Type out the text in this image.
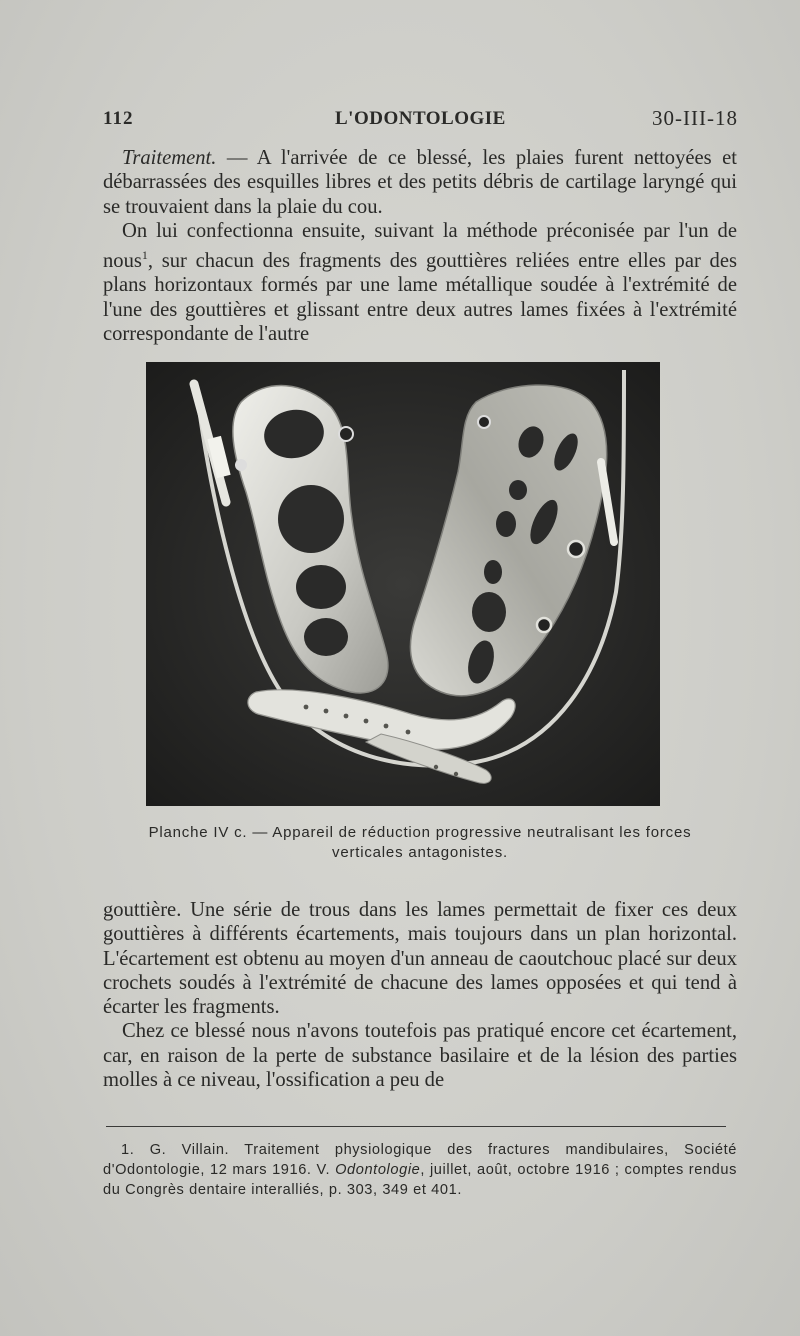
112	L'ODONTOLOGIE	30-III-18

Traitement. — A l'arrivée de ce blessé, les plaies furent nettoyées et débarrassées des esquilles libres et des petits débris de cartilage laryngé qui se trouvaient dans la plaie du cou.

On lui confectionna ensuite, suivant la méthode préconisée par l'un de nous$^1$, sur chacun des fragments des gouttières reliées entre elles par des plans horizontaux formés par une lame métallique soudée à l'extrémité de l'une des gouttières et glissant entre deux autres lames fixées à l'extrémité correspondante de l'autre

Planche IV c. — Appareil de réduction progressive neutralisant les forces
verticales antagonistes.

gouttière. Une série de trous dans les lames permettait de fixer ces deux gouttières à différents écartements, mais toujours dans un plan horizontal. L'écartement est obtenu au moyen d'un anneau de caoutchouc placé sur deux crochets soudés à l'extrémité de chacune des lames opposées et qui tend à écarter les fragments.

Chez ce blessé nous n'avons toutefois pas pratiqué encore cet écartement, car, en raison de la perte de substance basilaire et de la lésion des parties molles à ce niveau, l'ossification a peu de

1. G. Villain. Traitement physiologique des fractures mandibulaires, Société d'Odontologie, 12 mars 1916. V. Odontologie, juillet, août, octobre 1916 ; comptes rendus du Congrès dentaire interalliés, p. 303, 349 et 401.
